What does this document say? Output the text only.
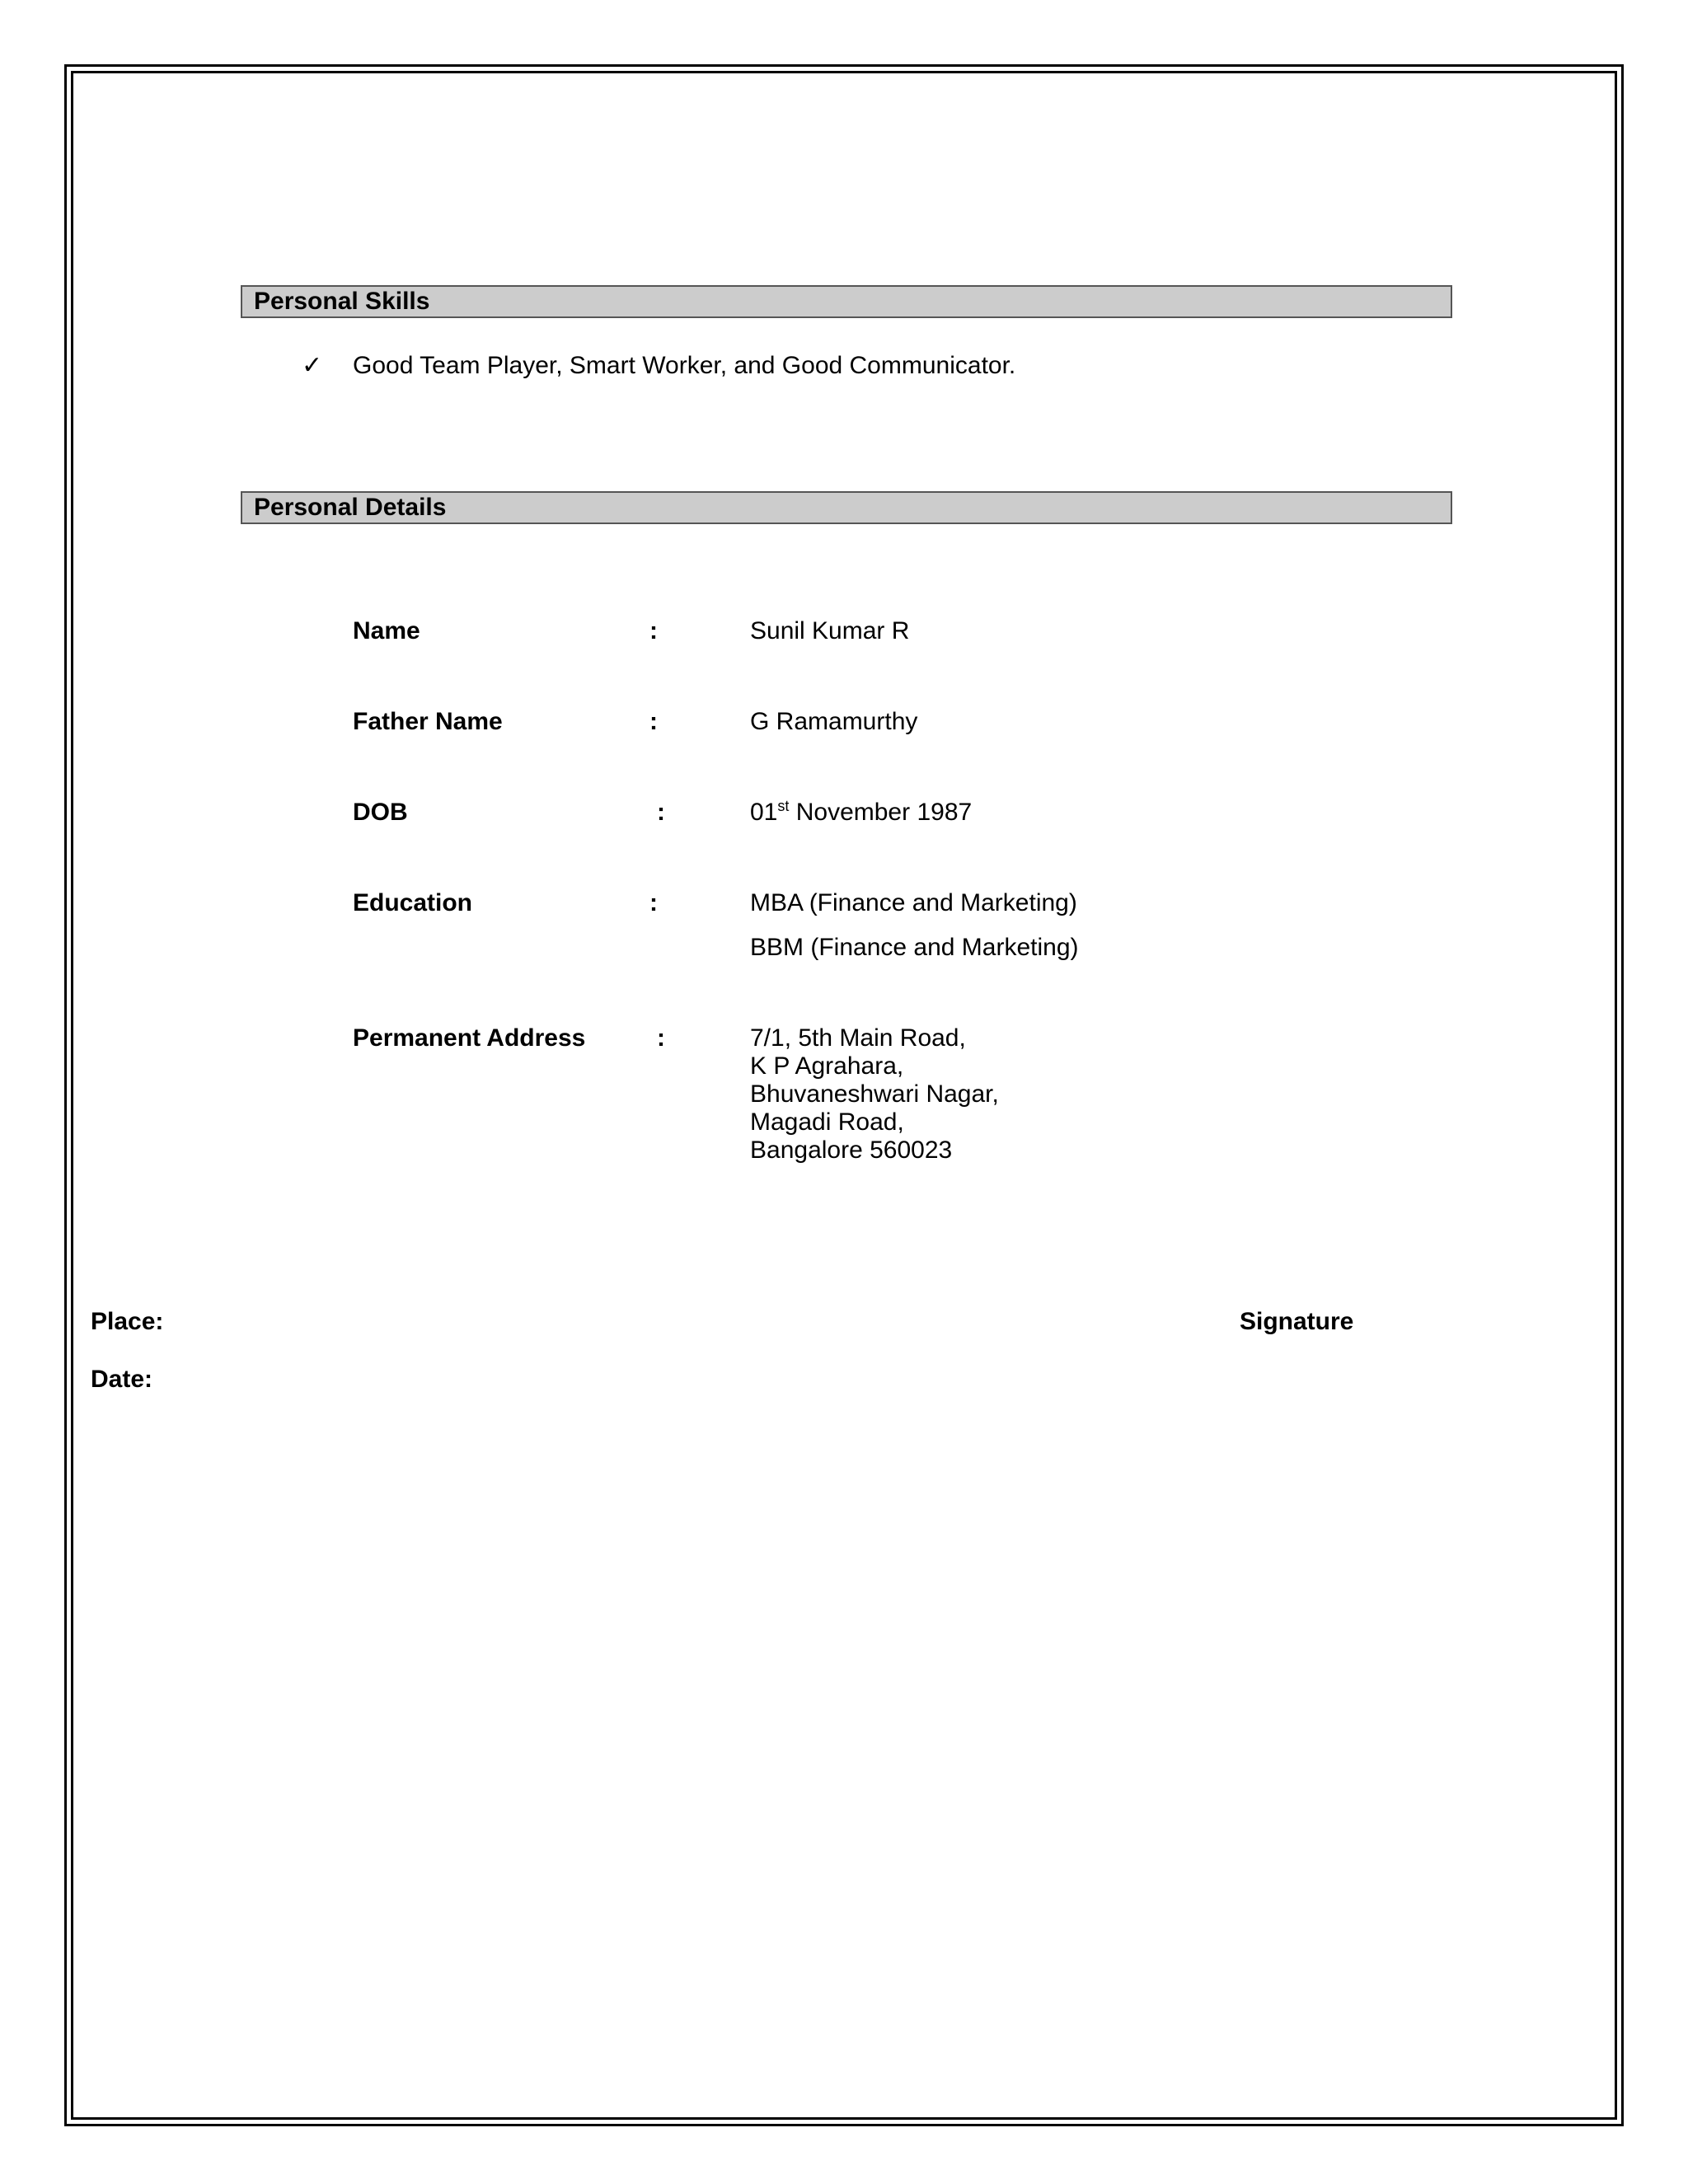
Personal Skills
✓ Good Team Player, Smart Worker, and Good Communicator.
Personal Details
Name	:	Sunil Kumar R
Father Name	:	G Ramamurthy
DOB	:	01st November 1987
Education	:	MBA (Finance and Marketing)
BBM (Finance and Marketing)
Permanent Address	:	7/1, 5th Main Road,
K P Agrahara,
Bhuvaneshwari Nagar,
Magadi Road,
Bangalore 560023
Place:
Date:
Signature
